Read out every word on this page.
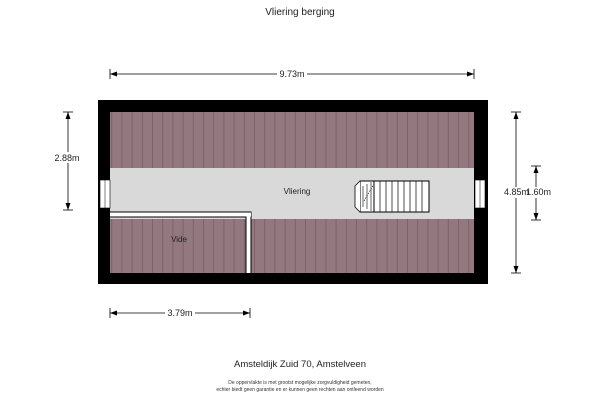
Vliering berging
9.73m
2.88m
4.85m
1.60m
3.79m
Vliering
Vide
Amsteldijk Zuid 70, Amstelveen
De oppervlakte is met grootst mogelijke zorgvuldigheid gemeten,
echter biedt geen garantie en er kunnen geen rechten aan ontleend worden
